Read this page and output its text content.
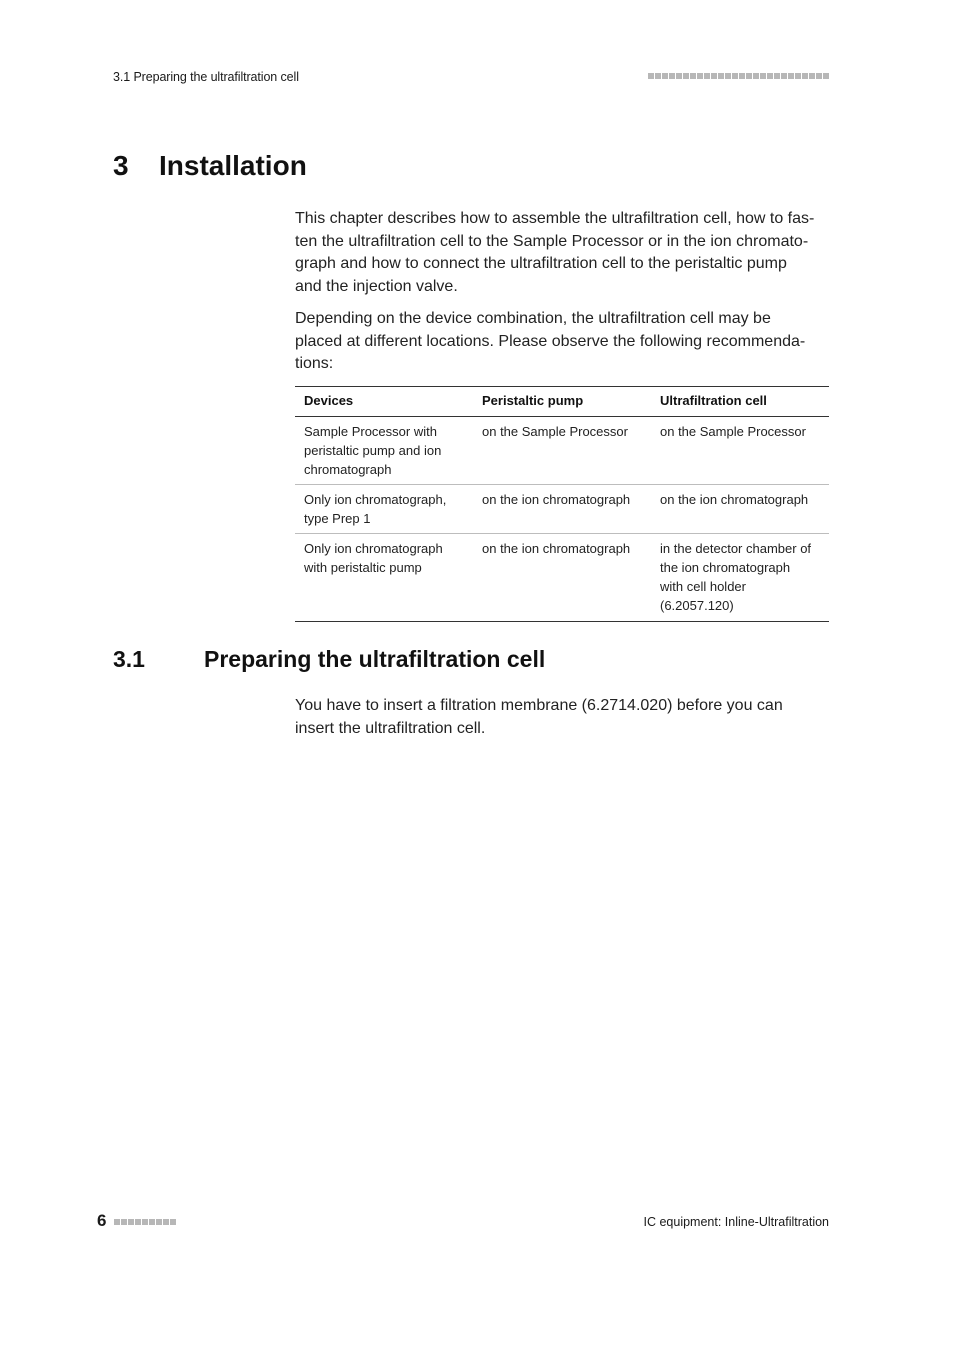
3.1 Preparing the ultrafiltration cell
3 Installation

This chapter describes how to assemble the ultrafiltration cell, how to fas-
ten the ultrafiltration cell to the Sample Processor or in the ion chromato-
graph and how to connect the ultrafiltration cell to the peristaltic pump
and the injection valve.

Depending on the device combination, the ultrafiltration cell may be
placed at different locations. Please observe the following recommenda-
tions:

Devices	Peristaltic pump	Ultrafiltration cell

Sample Processor with
peristaltic pump and ion
chromatograph	on the Sample Processor	on the Sample Processor

Only ion chromatograph,
type Prep 1	on the ion chromatograph	on the ion chromatograph

Only ion chromatograph
with peristaltic pump	on the ion chromatograph	in the detector chamber of
the ion chromatograph
with cell holder
(6.2057.120)
3.1	Preparing the ultrafiltration cell

You have to insert a filtration membrane (6.2714.020) before you can
insert the ultrafiltration cell.

6	IC equipment: Inline-Ultrafiltration
